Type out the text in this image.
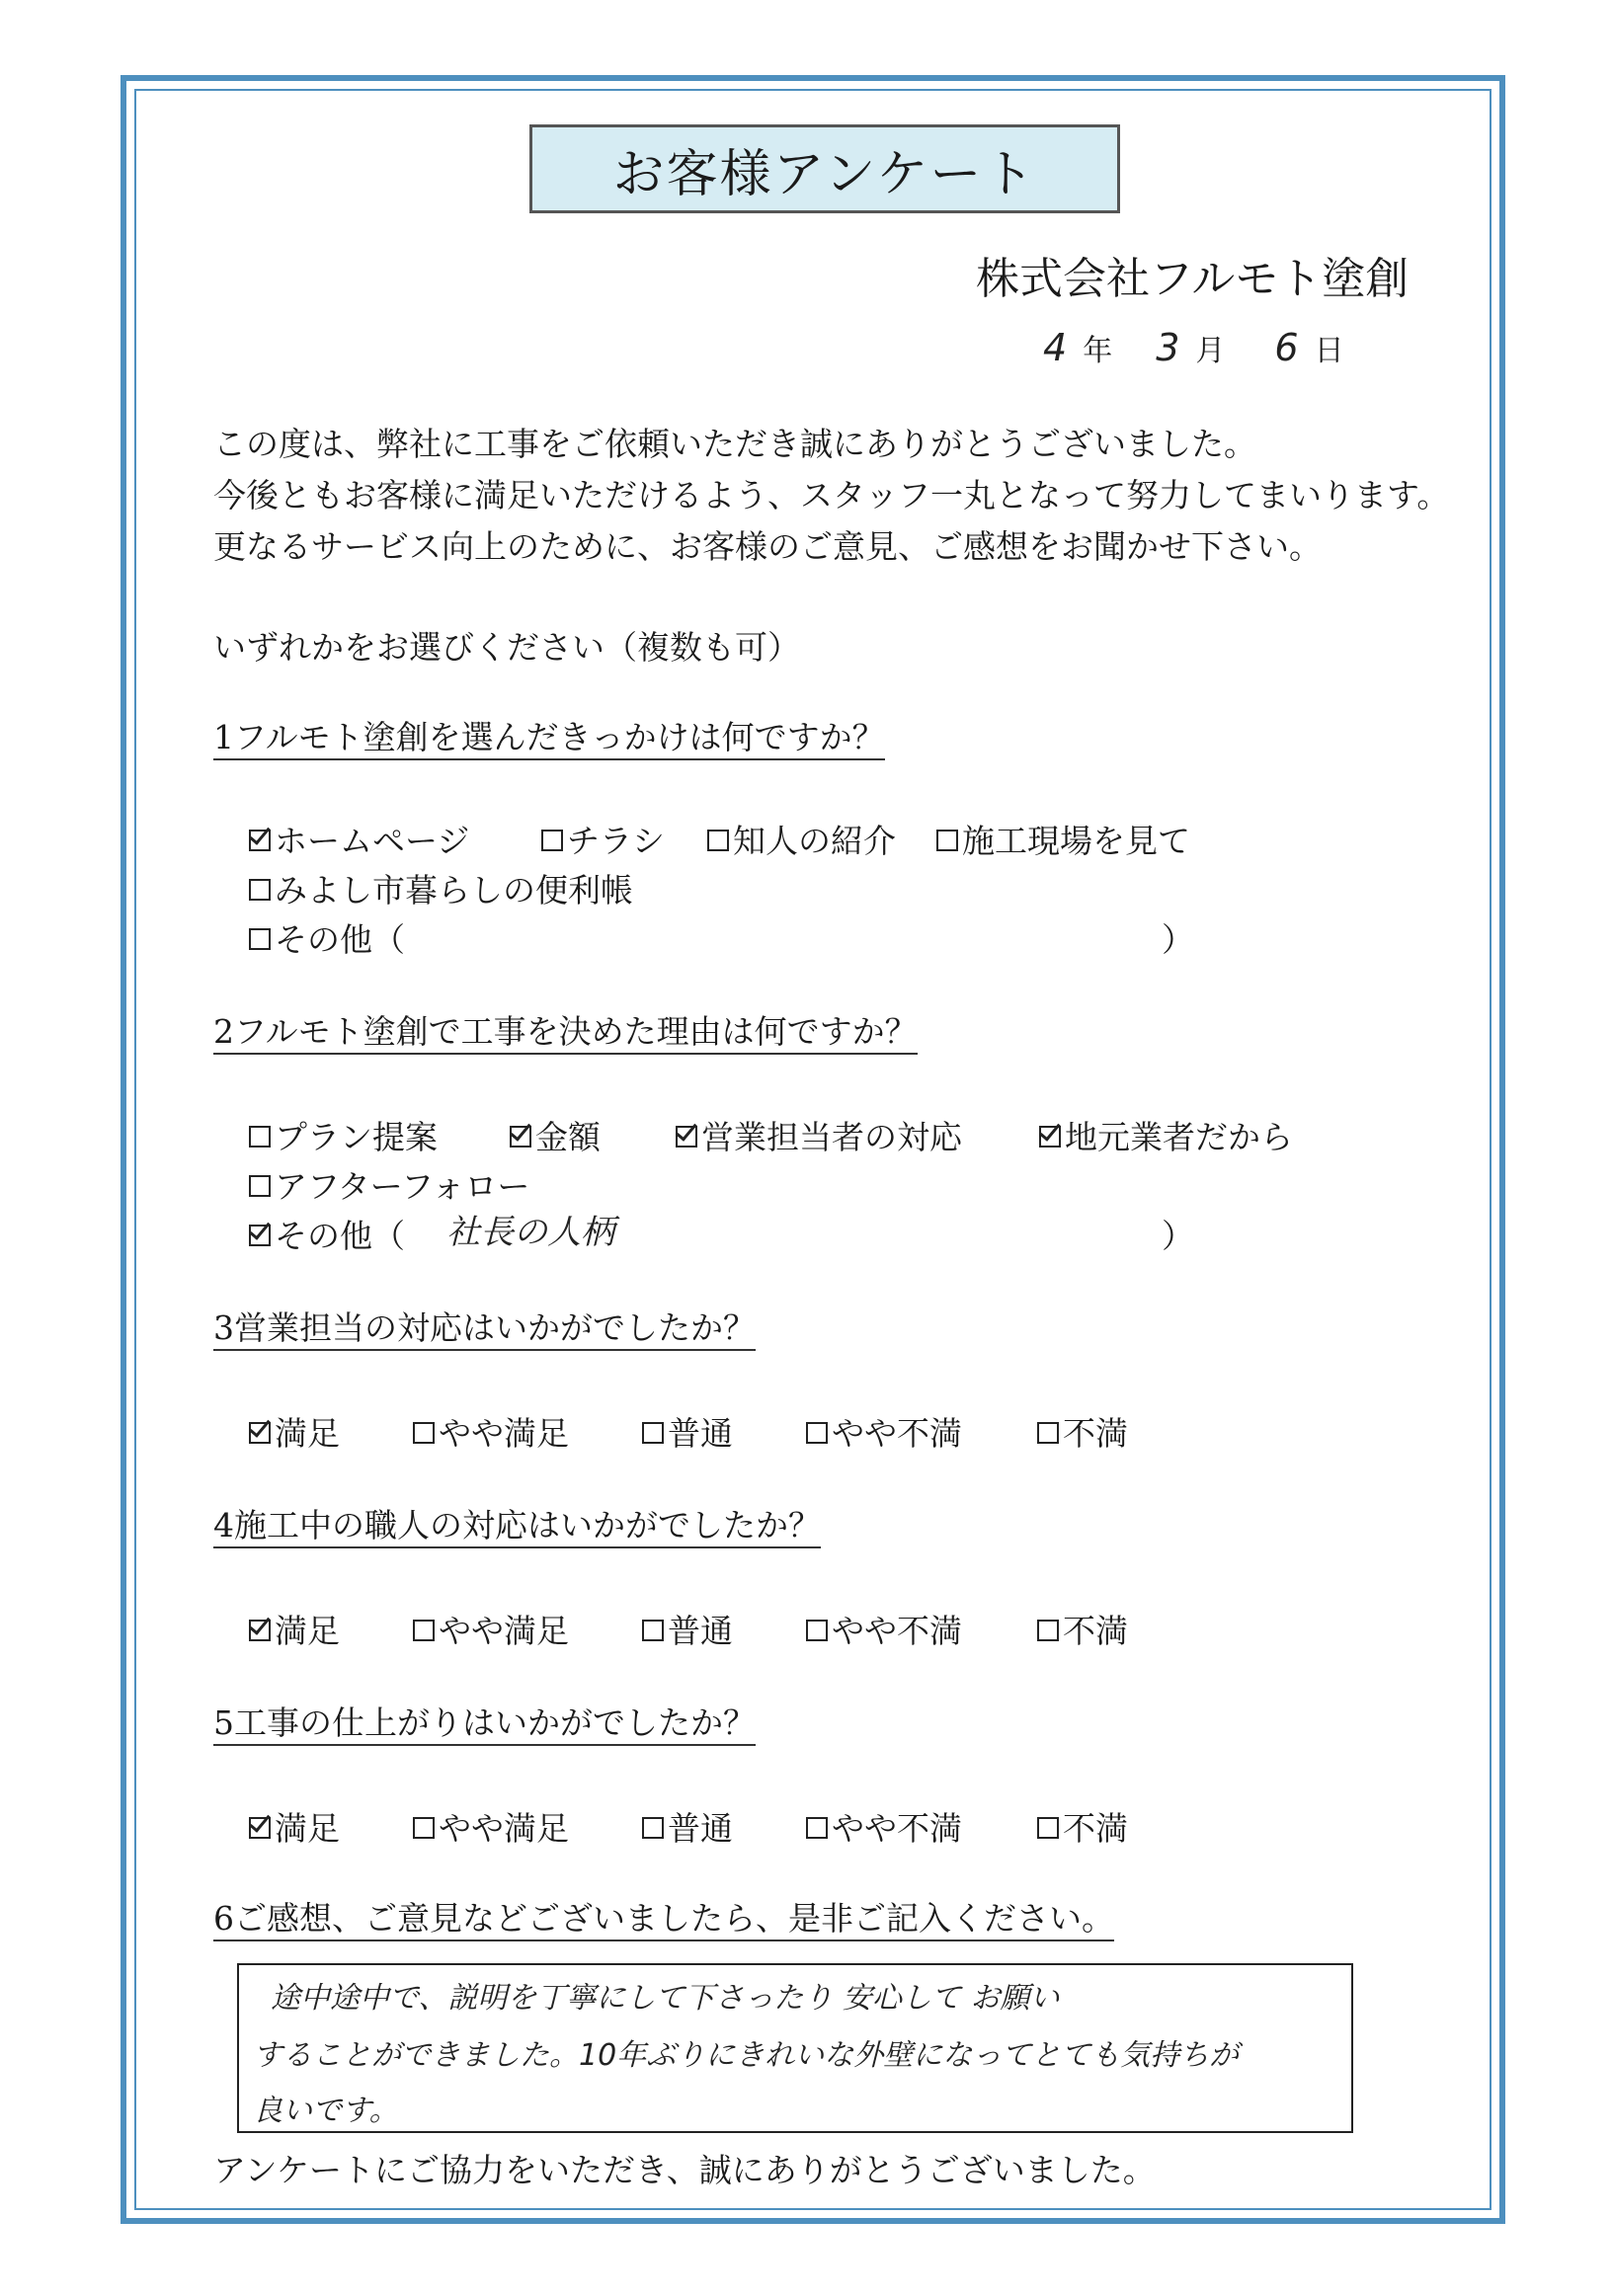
お客様アンケート
株式会社フルモト塗創
4 年 3 月 6 日
この度は、弊社に工事をご依頼いただき誠にありがとうございました。
今後ともお客様に満足いただけるよう、スタッフ一丸となって努力してまいります。
更なるサービス向上のために、お客様のご意見、ご感想をお聞かせ下さい。
いずれかをお選びください（複数も可）
1フルモト塗創を選んだきっかけは何ですか？
ホームページ	チラシ 知人の紹介 施工現場を見て
みよし市暮らしの便利帳
その他（	）
2フルモト塗創で工事を決めた理由は何ですか？
プラン提案	金額	営業担当者の対応	地元業者だから
アフターフォロー
その他（ 社長の人柄	）
3営業担当の対応はいかがでしたか？
満足	やや満足	普通	やや不満	不満
4施工中の職人の対応はいかがでしたか？
満足	やや満足	普通	やや不満	不満
5工事の仕上がりはいかがでしたか？
満足	やや満足	普通	やや不満	不満
6ご感想、ご意見などございましたら、是非ご記入ください。
途中途中で、説明を丁寧にして下さったり 安心して お願い
することができました。10年ぶりにきれいな外壁になってとても気持ちが
良いです。
アンケートにご協力をいただき、誠にありがとうございました。
